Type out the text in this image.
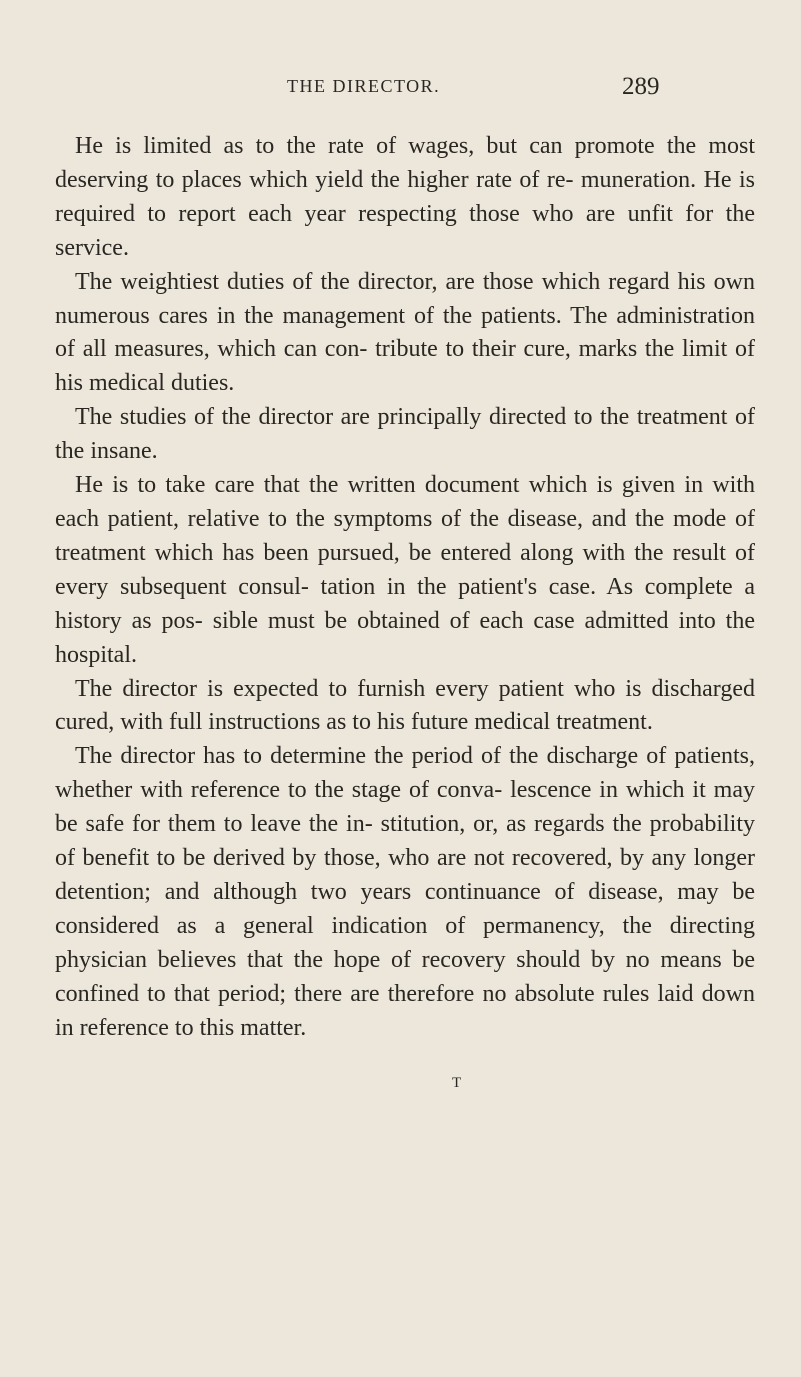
THE DIRECTOR.	289

He is limited as to the rate of wages, but can promote the most deserving to places which yield the higher rate of re- muneration. He is required to report each year respecting those who are unfit for the service.

The weightiest duties of the director, are those which regard his own numerous cares in the management of the patients. The administration of all measures, which can con- tribute to their cure, marks the limit of his medical duties.

The studies of the director are principally directed to the treatment of the insane.

He is to take care that the written document which is given in with each patient, relative to the symptoms of the disease, and the mode of treatment which has been pursued, be entered along with the result of every subsequent consul- tation in the patient's case. As complete a history as pos- sible must be obtained of each case admitted into the hospital.

The director is expected to furnish every patient who is discharged cured, with full instructions as to his future medical treatment.

The director has to determine the period of the discharge of patients, whether with reference to the stage of conva- lescence in which it may be safe for them to leave the in- stitution, or, as regards the probability of benefit to be derived by those, who are not recovered, by any longer detention; and although two years continuance of disease, may be considered as a general indication of permanency, the directing physician believes that the hope of recovery should by no means be confined to that period; there are therefore no absolute rules laid down in reference to this matter.

T
